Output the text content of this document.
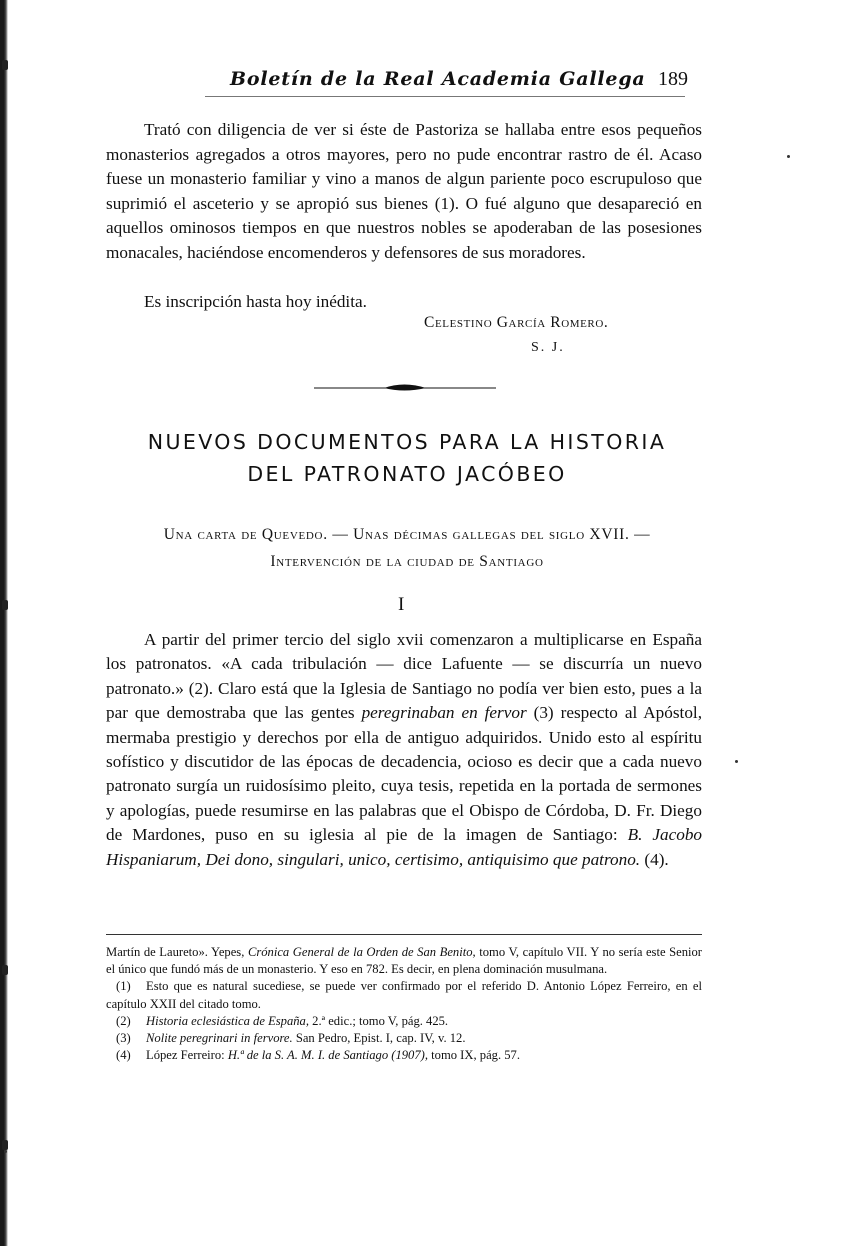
Boletín de la Real Academia Gallega 189
Trató con diligencia de ver si éste de Pastoriza se hallaba entre esos pequeños monasterios agregados a otros mayores, pero no pude encontrar rastro de él. Acaso fuese un monasterio familiar y vino a manos de algun pariente poco escrupuloso que suprimió el asceterio y se apropió sus bienes (1). O fué alguno que desapareció en aquellos ominosos tiempos en que nuestros nobles se apoderaban de las posesiones monacales, haciéndose encomenderos y defensores de sus moradores.
Es inscripción hasta hoy inédita.
Celestino García Romero.
S. J.
NUEVOS DOCUMENTOS PARA LA HISTORIA
DEL PATRONATO JACÓBEO
Una carta de Quevedo. — Unas décimas gallegas del siglo XVII. —
Intervención de la ciudad de Santiago
I
A partir del primer tercio del siglo xvii comenzaron a multiplicarse en España los patronatos. «A cada tribulación — dice Lafuente — se discurría un nuevo patronato.» (2). Claro está que la Iglesia de Santiago no podía ver bien esto, pues a la par que demostraba que las gentes peregrinaban en fervor (3) respecto al Apóstol, mermaba prestigio y derechos por ella de antiguo adquiridos. Unido esto al espíritu sofístico y discutidor de las épocas de decadencia, ocioso es decir que a cada nuevo patronato surgía un ruidosísimo pleito, cuya tesis, repetida en la portada de sermones y apologías, puede resumirse en las palabras que el Obispo de Córdoba, D. Fr. Diego de Mardones, puso en su iglesia al pie de la imagen de Santiago: B. Jacobo Hispaniarum, Dei dono, singulari, unico, certisimo, antiquisimo que patrono. (4).

Martín de Laureto». Yepes, Crónica General de la Orden de San Benito, tomo V, capítulo VII. Y no sería este Senior el único que fundó más de un monasterio. Y eso en 782. Es decir, en plena dominación musulmana.

(1) Esto que es natural sucediese, se puede ver confirmado por el referido D. Antonio López Ferreiro, en el capítulo XXII del citado tomo.

(2) Historia eclesiástica de España, 2.ª edic.; tomo V, pág. 425.

(3) Nolite peregrinari in fervore. San Pedro, Epist. I, cap. IV, v. 12.

(4) López Ferreiro: H.ª de la S. A. M. I. de Santiago (1907), tomo IX, pág. 57.
